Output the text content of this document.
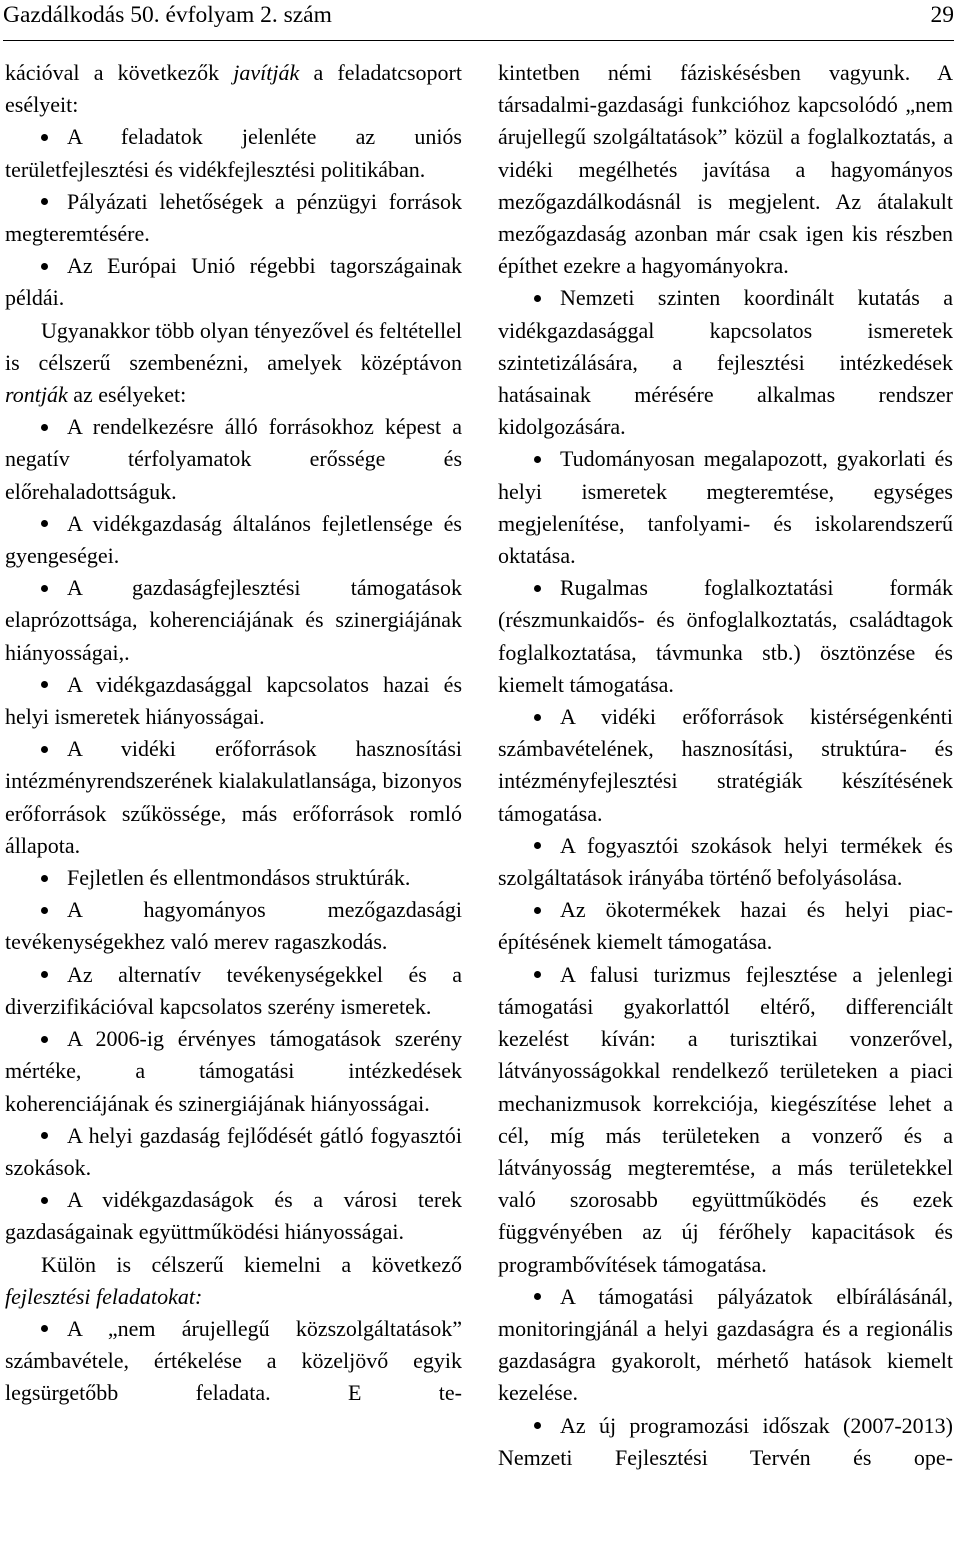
Gazdálkodás 50. évfolyam 2. szám	29

kációval a következők javítják a feladatcsoport esélyeit:

A feladatok jelenléte az uniós területfejlesztési és vidékfejlesztési politikában.

Pályázati lehetőségek a pénzügyi források megteremtésére.

Az Európai Unió régebbi tagországainak példái.

Ugyanakkor több olyan tényezővel és feltétellel is célszerű szembenézni, amelyek középtávon rontják az esélyeket:

A rendelkezésre álló forrásokhoz képest a negatív térfolyamatok erőssége és előrehaladottságuk.

A vidékgazdaság általános fejletlensége és gyengeségei.

A gazdaságfejlesztési támogatások elaprózottsága, koherenciájának és szinergiájának hiányosságai,.

A vidékgazdasággal kapcsolatos hazai és helyi ismeretek hiányosságai.

A vidéki erőforrások hasznosítási intézményrendszerének kialakulatlansága, bizonyos erőforrások szűkössége, más erőforrások romló állapota.

Fejletlen és ellentmondásos struktúrák.

A hagyományos mezőgazdasági tevékenységekhez való merev ragaszkodás.

Az alternatív tevékenységekkel és a diverzifikációval kapcsolatos szerény ismeretek.

A 2006-ig érvényes támogatások szerény mértéke, a támogatási intézkedések koherenciájának és szinergiájának hiányosságai.

A helyi gazdaság fejlődését gátló fogyasztói szokások.

A vidékgazdaságok és a városi terek gazdaságainak együttműködési hiányosságai.

Külön is célszerű kiemelni a következő fejlesztési feladatokat:

A „nem árujellegű közszolgáltatások” számbavétele, értékelése a közeljövő egyik legsürgetőbb feladata. E te-

kintetben némi fáziskésésben vagyunk. A társadalmi-gazdasági funkcióhoz kapcsolódó „nem árujellegű szolgáltatások” közül a foglalkoztatás, a vidéki megélhetés javítása a hagyományos mezőgazdálkodásnál is megjelent. Az átalakult mezőgazdaság azonban már csak igen kis részben építhet ezekre a hagyományokra.

Nemzeti szinten koordinált kutatás a vidékgazdasággal kapcsolatos ismeretek szintetizálására, a fejlesztési intézkedések hatásainak mérésére alkalmas rendszer kidolgozására.

Tudományosan megalapozott, gyakorlati és helyi ismeretek megteremtése, egységes megjelenítése, tanfolyami- és iskolarendszerű oktatása.

Rugalmas foglalkoztatási formák (részmunkaidős- és önfoglalkoztatás, családtagok foglalkoztatása, távmunka stb.) ösztönzése és kiemelt támogatása.

A vidéki erőforrások kistérségenkénti számbavételének, hasznosítási, struktúra- és intézményfejlesztési stratégiák készítésének támogatása.

A fogyasztói szokások helyi termékek és szolgáltatások irányába történő befolyásolása.

Az ökotermékek hazai és helyi piac-építésének kiemelt támogatása.

A falusi turizmus fejlesztése a jelenlegi támogatási gyakorlattól eltérő, differenciált kezelést kíván: a turisztikai vonzerővel, látványosságokkal rendelkező területeken a piaci mechanizmusok korrekciója, kiegészítése lehet a cél, míg más területeken a vonzerő és a látványosság megteremtése, a más területekkel való szorosabb együttműködés és ezek függvényében az új férőhely kapacitások és programbővítések támogatása.

A támogatási pályázatok elbírálásánál, monitoringjánál a helyi gazdaságra és a regionális gazdaságra gyakorolt, mérhető hatások kiemelt kezelése.

Az új programozási időszak (2007-2013) Nemzeti Fejlesztési Tervén és ope-
